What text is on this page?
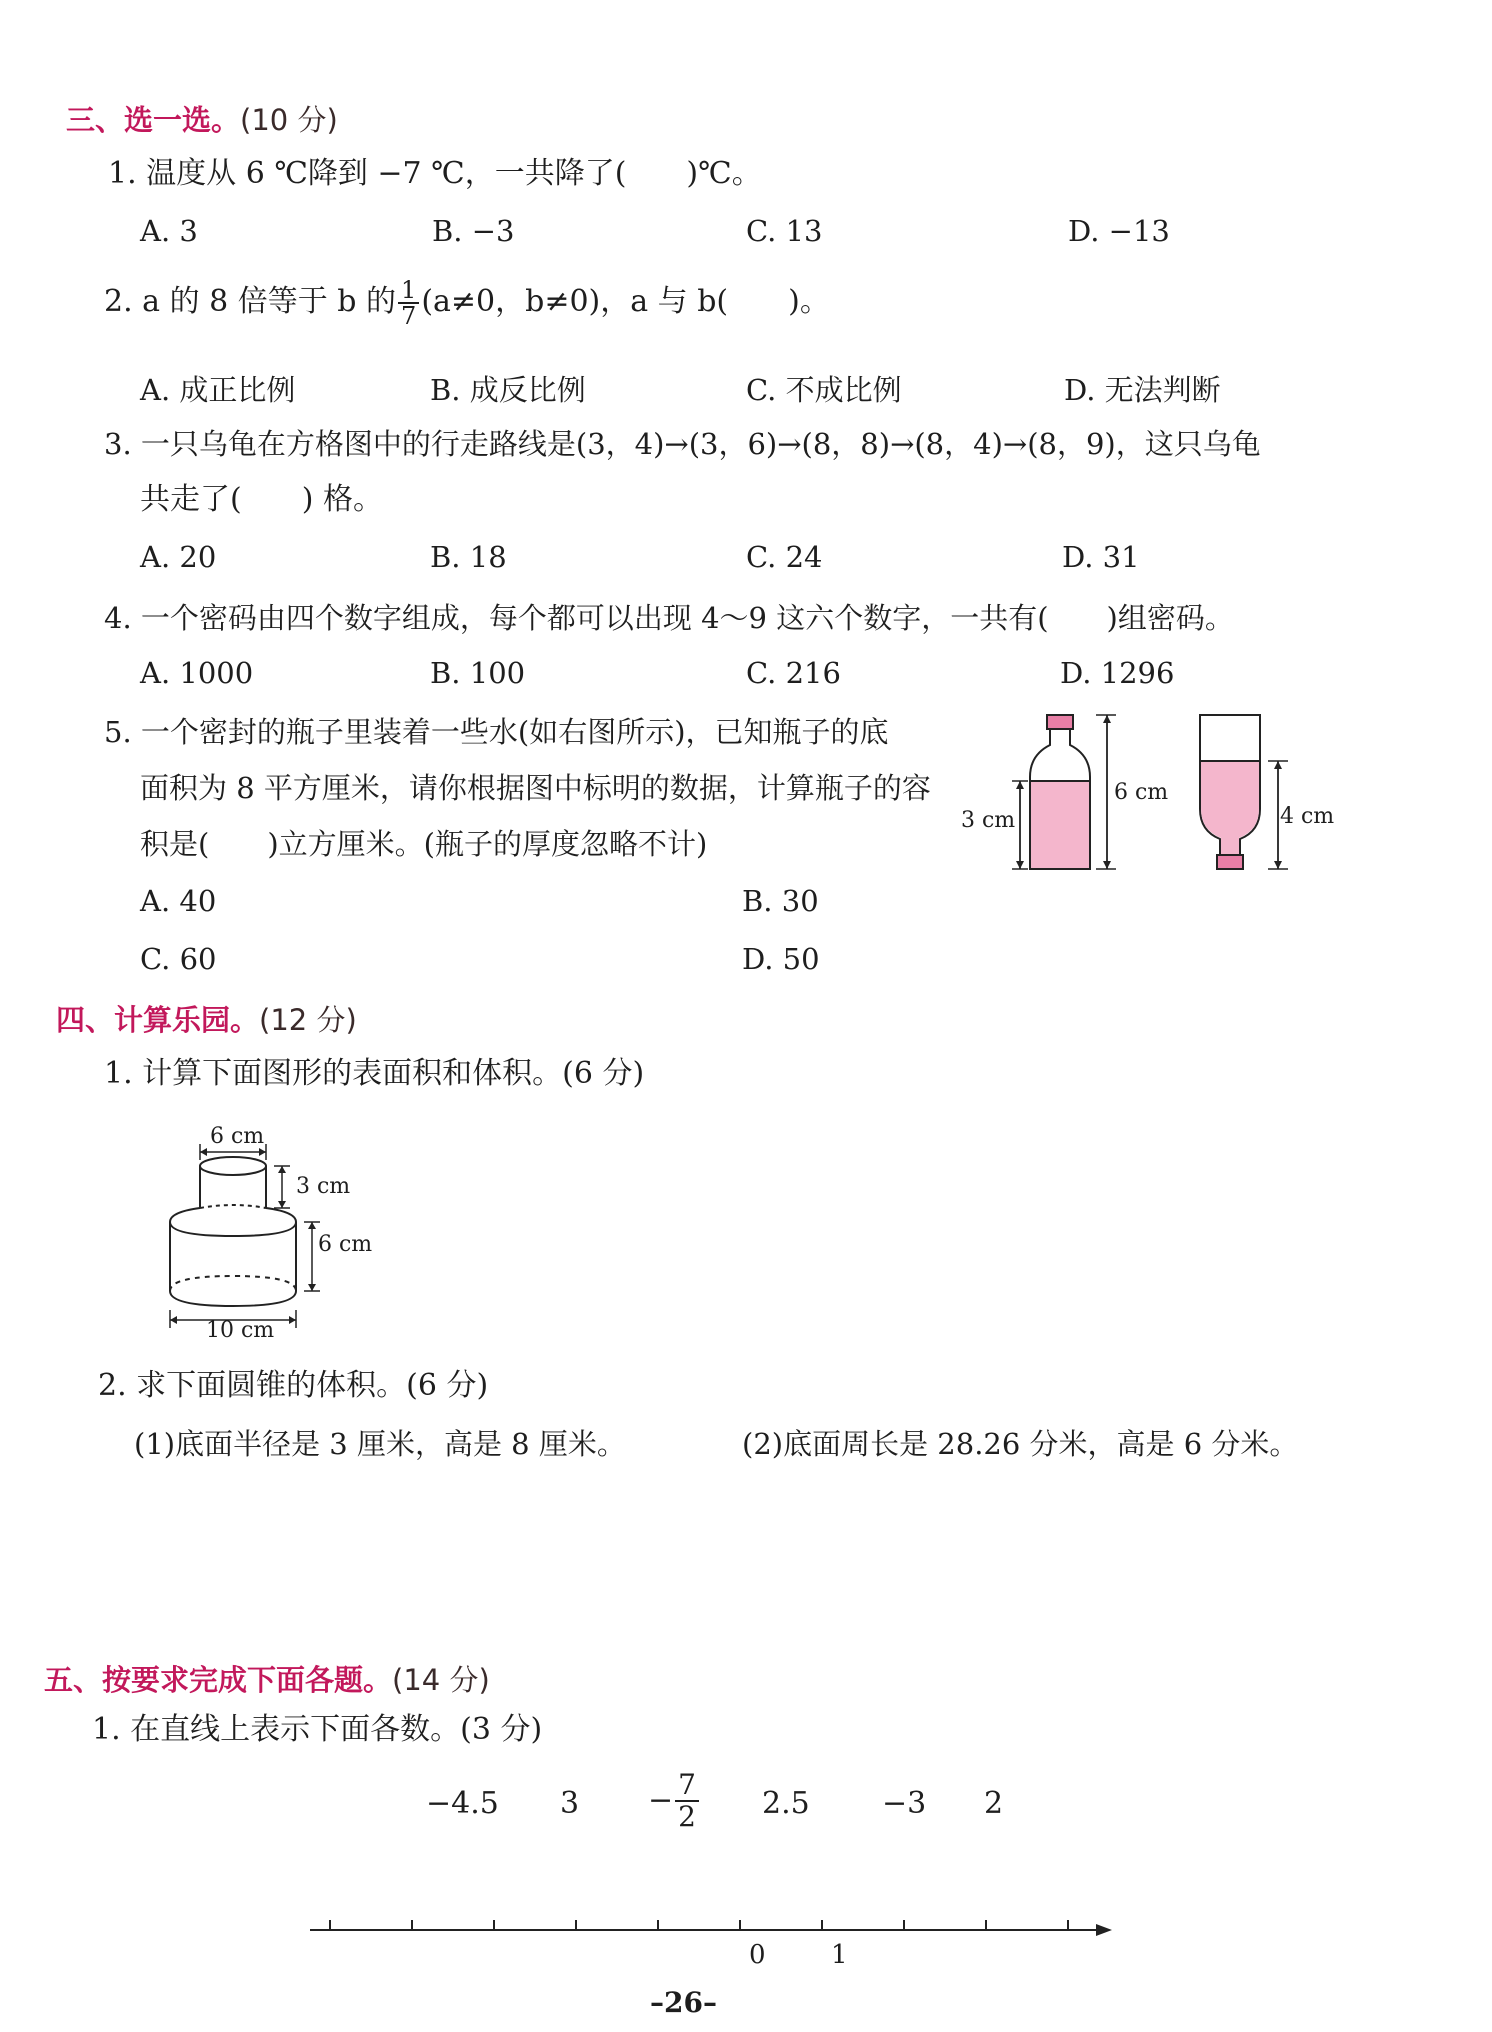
三、选一选。(10 分)
1. 温度从 6 ℃降到 −7 ℃，一共降了(　　)℃。
A. 3	B. −3	C. 13	D. −13
2. a 的 8 倍等于 b 的 $\frac{1}{7} (a\ne 0$，b≠0)，a 与 b(　　)。
A. 成正比例	B. 成反比例	C. 不成比例	D. 无法判断
3. 一只乌龟在方格图中的行走路线是(3，4)→(3，6)→(8，8)→(8，4)→(8，9)，这只乌龟
共走了(　　) 格。
A. 20	B. 18	C. 24	D. 31
4. 一个密码由四个数字组成，每个都可以出现 4～9 这六个数字，一共有(　　)组密码。
A. 1000	B. 100	C. 216	D. 1296
5. 一个密封的瓶子里装着一些水(如右图所示)，已知瓶子的底
面积为 8 平方厘米，请你根据图中标明的数据，计算瓶子的容
积是(　　)立方厘米。(瓶子的厚度忽略不计)
A. 40	B. 30
C. 60	D. 50
3 cm
6 cm
4 cm
四、计算乐园。(12 分)
1. 计算下面图形的表面积和体积。(6 分)
6 cm
3 cm
6 cm
10 cm
2. 求下面圆锥的体积。(6 分)
(1)底面半径是 3 厘米，高是 8 厘米。	(2)底面周长是 28.26 分米，高是 6 分米。
五、按要求完成下面各题。(14 分)
1. 在直线上表示下面各数。(3 分)
−4.5 $3 - \frac{7}{2} 2.5 -3$ 2
0	1
–26–
